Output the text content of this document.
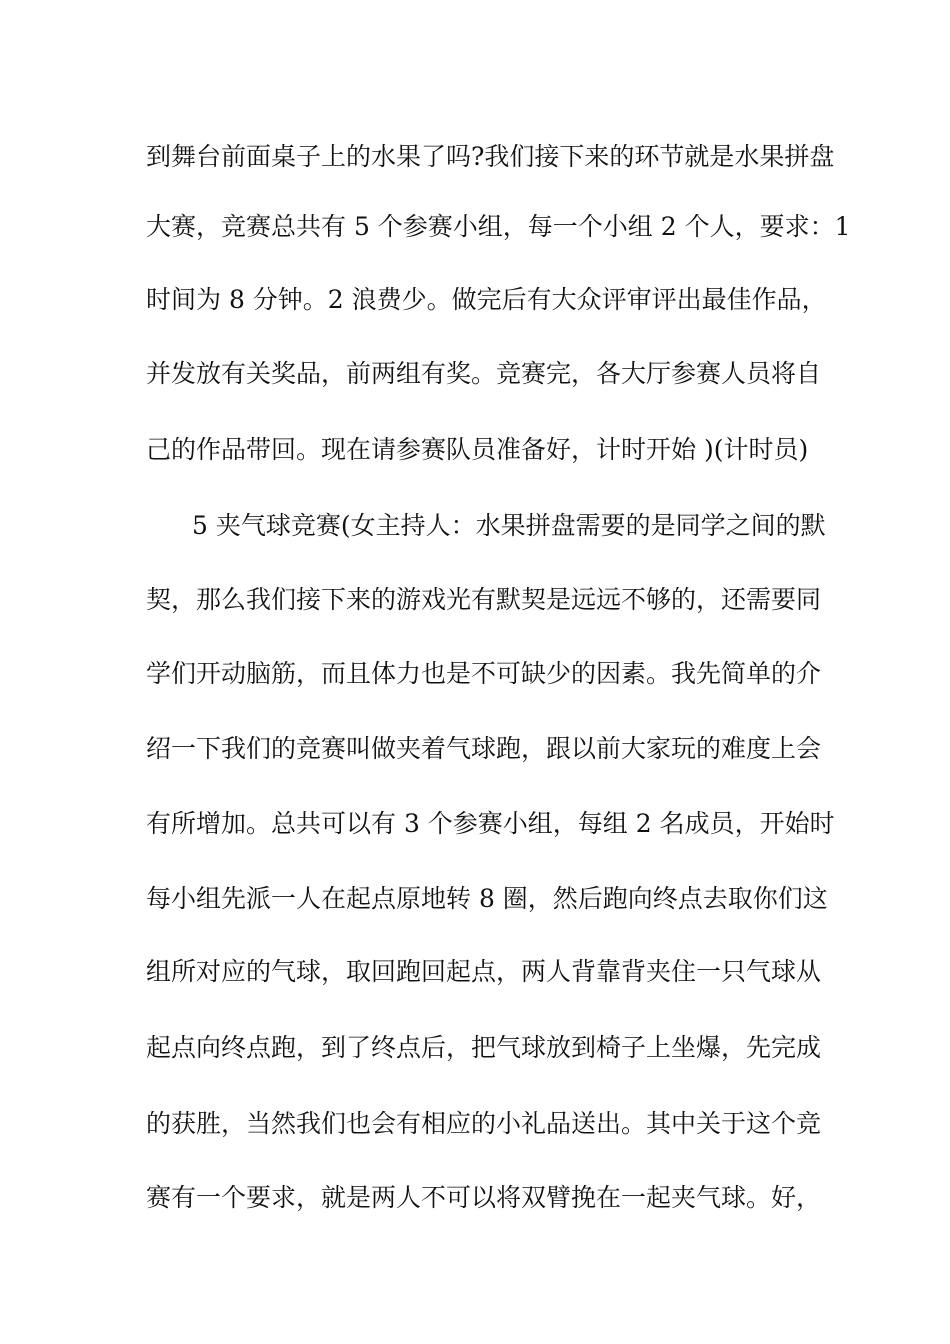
到舞台前面桌子上的水果了吗?我们接下来的环节就是水果拼盘
大赛，竞赛总共有 5 个参赛小组，每一个小组 2 个人，要求：1
时间为 8 分钟。2 浪费少。做完后有大众评审评出最佳作品，
并发放有关奖品，前两组有奖。竞赛完，各大厅参赛人员将自
己的作品带回。现在请参赛队员准备好，计时开始 )(计时员)
5 夹气球竞赛(女主持人：水果拼盘需要的是同学之间的默
契，那么我们接下来的游戏光有默契是远远不够的，还需要同
学们开动脑筋，而且体力也是不可缺少的因素。我先简单的介
绍一下我们的竞赛叫做夹着气球跑，跟以前大家玩的难度上会
有所增加。总共可以有 3 个参赛小组，每组 2 名成员，开始时
每小组先派一人在起点原地转 8 圈，然后跑向终点去取你们这
组所对应的气球，取回跑回起点，两人背靠背夹住一只气球从
起点向终点跑，到了终点后，把气球放到椅子上坐爆，先完成
的获胜，当然我们也会有相应的小礼品送出。其中关于这个竞
赛有一个要求，就是两人不可以将双臂挽在一起夹气球。好，
